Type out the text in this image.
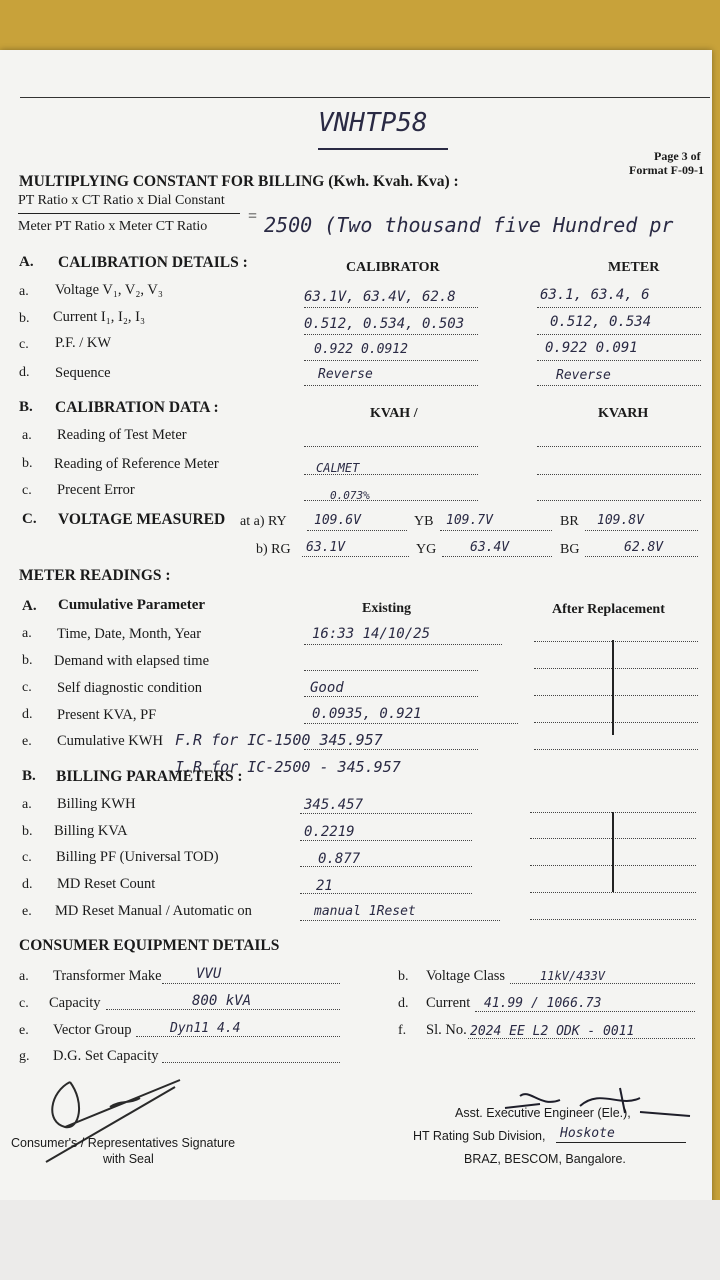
VNHTP58
Page 3 of
Format F-09-1
MULTIPLYING CONSTANT FOR BILLING (Kwh. Kvah. Kva) :
PT Ratio x CT Ratio x Dial Constant
Meter PT Ratio x Meter CT Ratio
= 2500 (Two thousand five Hundred pr
A. CALIBRATION DETAILS :	CALIBRATOR	METER
a. Voltage V₁, V₂, V₃	63.1V, 63.4V, 62.8	63.1, 63.4, 6
b. Current I₁, I₂, I₃	0.512, 0.534, 0.503	0.512, 0.534
c. P.F. / KW	0.922 0.0912	0.922 0.091
d. Sequence	Reverse	Reverse
B. CALIBRATION DATA :	KVAH /	KVARH
a. Reading of Test Meter
b. Reading of Reference Meter	CALMET
c. Precent Error	0.073%
C. VOLTAGE MEASURED at a) RY 109.6V	YB 109.7V	BR 109.8V
b) RG 63.1V	YG	63.4V	BG	62.8V
METER READINGS :
A. Cumulative Parameter	Existing	After Replacement
a. Time, Date, Month, Year	16:33 14/10/25
b. Demand with elapsed time
c. Self diagnostic condition	Good
d. Present KVA, PF	0.0935, 0.921
e. Cumulative KWH F.R for IC-1500 345.957
I.R for IC-2500 - 345.957
B. BILLING PARAMETERS :
a. Billing KWH	345.457
b. Billing KVA	0.2219
c. Billing PF (Universal TOD)	0.877
d. MD Reset Count	21
e. MD Reset Manual / Automatic on	manual 1Reset
CONSUMER EQUIPMENT DETAILS
a. Transformer Make VVU	b. Voltage Class	11kV/433V
c. Capacity	800 kVA	d. Current 41.99 / 1066.73
e. Vector Group	Dyn11 4.4	f. Sl. No. 2024 EE L2 ODK - 0011
g. D.G. Set Capacity
Consumer's / Representatives Signature
with Seal
Asst. Executive Engineer (Ele.),
HT Rating Sub Division, Hoskote
BRAZ, BESCOM, Bangalore.
